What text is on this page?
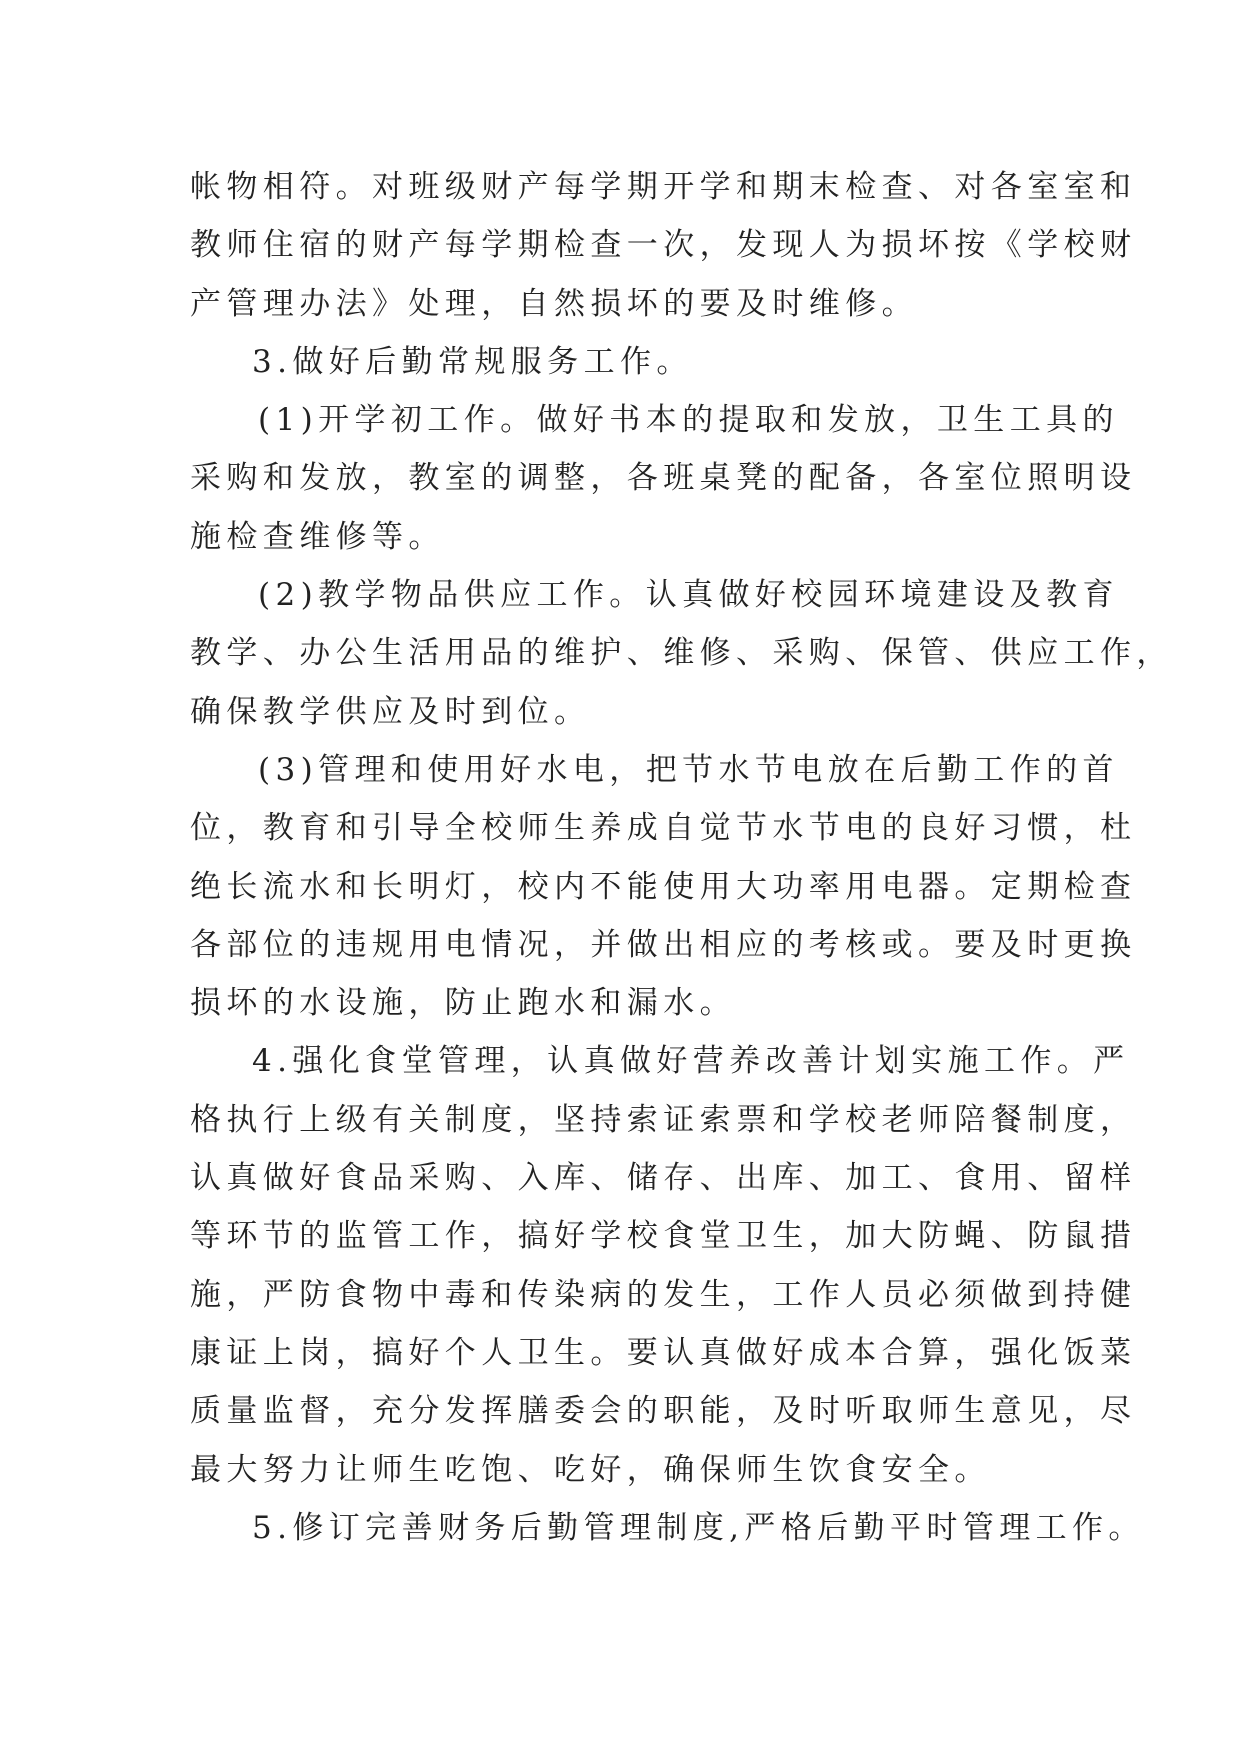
帐物相符。对班级财产每学期开学和期末检查、对各室室和
教师住宿的财产每学期检查一次，发现人为损坏按《学校财
产管理办法》处理，自然损坏的要及时维修。
3.做好后勤常规服务工作。
(1)开学初工作。做好书本的提取和发放，卫生工具的
采购和发放，教室的调整，各班桌凳的配备，各室位照明设
施检查维修等。
(2)教学物品供应工作。认真做好校园环境建设及教育
教学、办公生活用品的维护、维修、采购、保管、供应工作，
确保教学供应及时到位。
(3)管理和使用好水电，把节水节电放在后勤工作的首
位，教育和引导全校师生养成自觉节水节电的良好习惯，杜
绝长流水和长明灯，校内不能使用大功率用电器。定期检查
各部位的违规用电情况，并做出相应的考核或。要及时更换
损坏的水设施，防止跑水和漏水。
4.强化食堂管理，认真做好营养改善计划实施工作。严
格执行上级有关制度，坚持索证索票和学校老师陪餐制度，
认真做好食品采购、入库、储存、出库、加工、食用、留样
等环节的监管工作，搞好学校食堂卫生，加大防蝇、防鼠措
施，严防食物中毒和传染病的发生，工作人员必须做到持健
康证上岗，搞好个人卫生。要认真做好成本合算，强化饭菜
质量监督，充分发挥膳委会的职能，及时听取师生意见，尽
最大努力让师生吃饱、吃好，确保师生饮食安全。
5.修订完善财务后勤管理制度,严格后勤平时管理工作。
